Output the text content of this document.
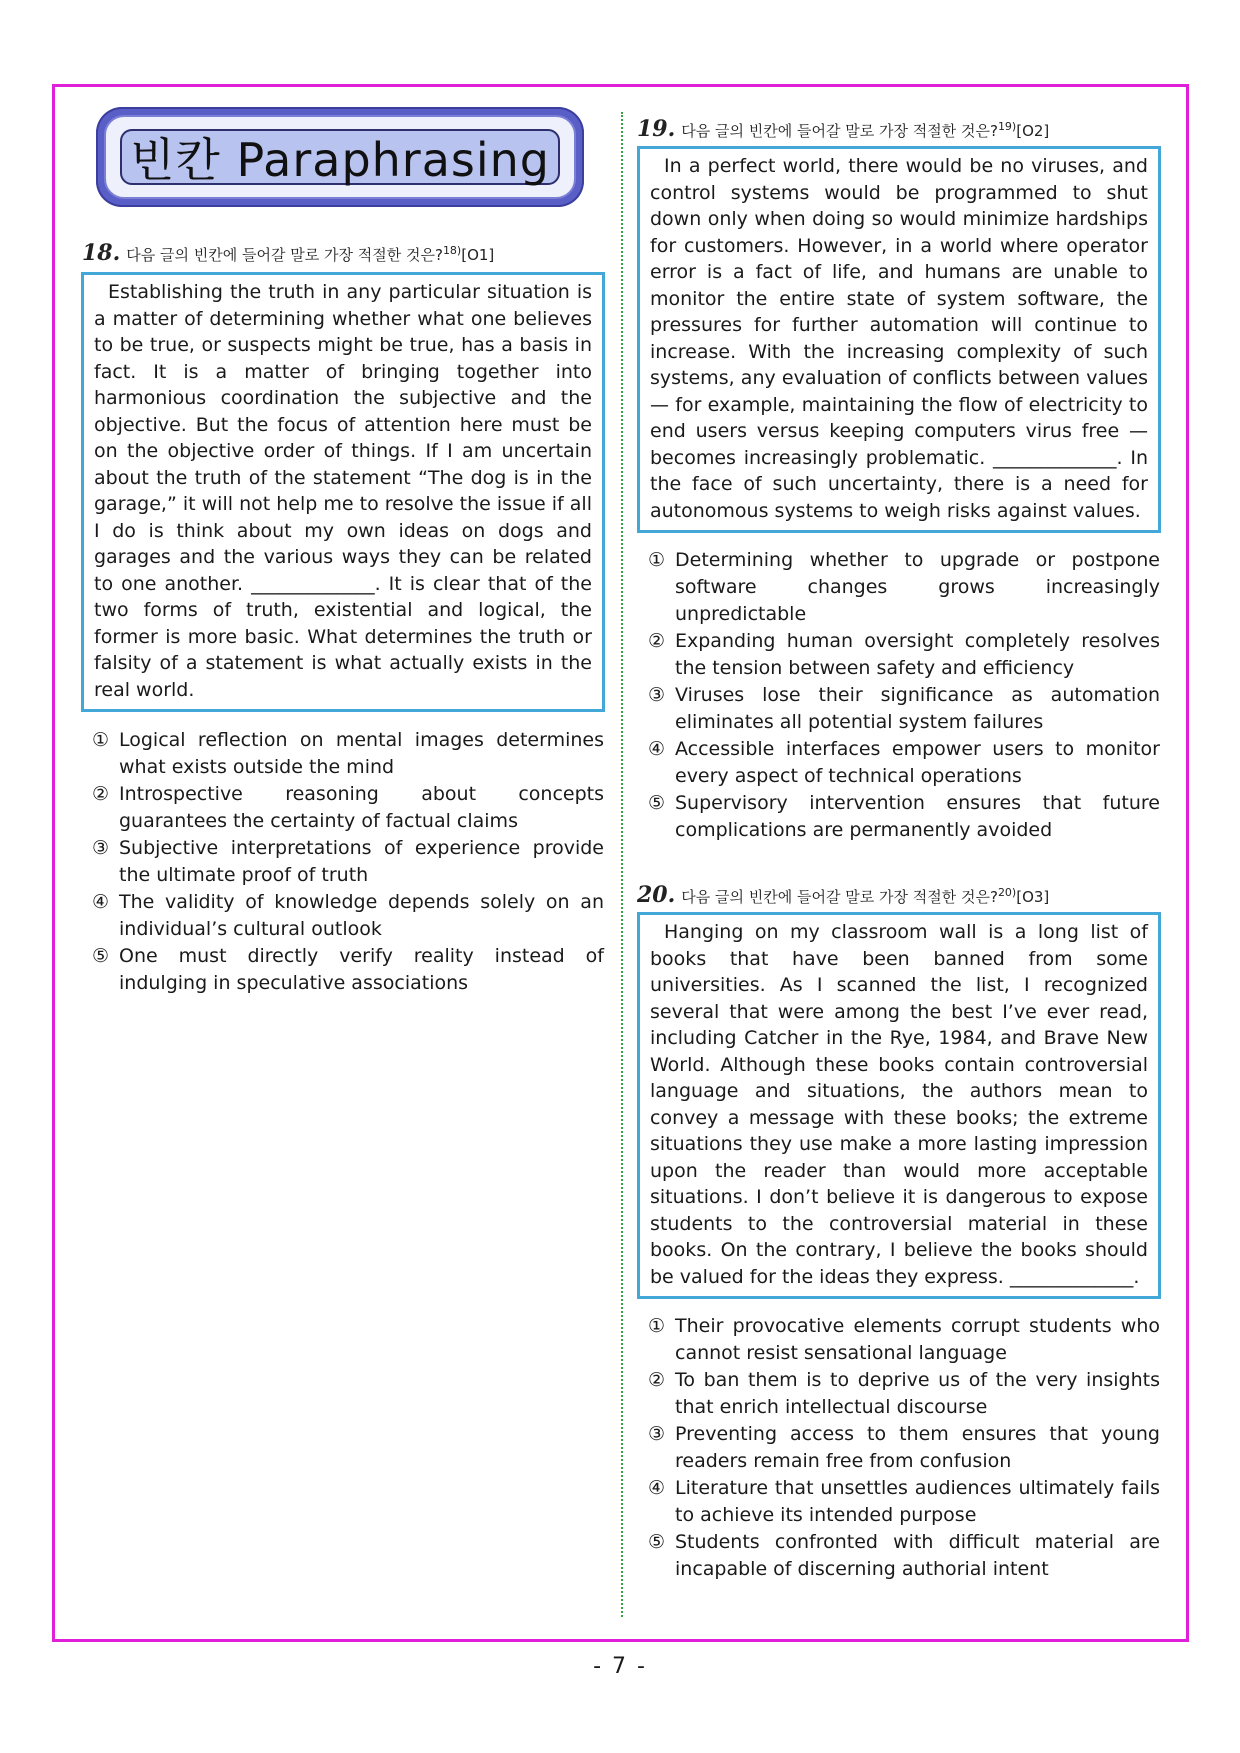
빈칸 Paraphrasing
18. 다음 글의 빈칸에 들어갈 말로 가장 적절한 것은?$^{18)}$[O1]
Establishing the truth in any particular situation is a matter of determining whether what one believes to be true, or suspects might be true, has a basis in fact. It is a matter of bringing together into harmonious coordination the subjective and the objective. But the focus of attention here must be on the objective order of things. If I am uncertain about the truth of the statement “The dog is in the garage,” it will not help me to resolve the issue if all I do is think about my own ideas on dogs and garages and the various ways they can be related to one another. _____________. It is clear that of the two forms of truth, existential and logical, the former is more basic. What determines the truth or falsity of a statement is what actually exists in the real world.
① Logical reflection on mental images determines what exists outside the mind
② Introspective reasoning about concepts guarantees the certainty of factual claims
③ Subjective interpretations of experience provide the ultimate proof of truth
④ The validity of knowledge depends solely on an individual’s cultural outlook
⑤ One must directly verify reality instead of indulging in speculative associations
19. 다음 글의 빈칸에 들어갈 말로 가장 적절한 것은?$^{19)}$[O2]
In a perfect world, there would be no viruses, and control systems would be programmed to shut down only when doing so would minimize hardships for customers. However, in a world where operator error is a fact of life, and humans are unable to monitor the entire state of system software, the pressures for further automation will continue to increase. With the increasing complexity of such systems, any evaluation of conflicts between values — for example, maintaining the flow of electricity to end users versus keeping computers virus free — becomes increasingly problematic. _____________. In the face of such uncertainty, there is a need for autonomous systems to weigh risks against values.
① Determining whether to upgrade or postpone software changes grows increasingly unpredictable
② Expanding human oversight completely resolves the tension between safety and efficiency
③ Viruses lose their significance as automation eliminates all potential system failures
④ Accessible interfaces empower users to monitor every aspect of technical operations
⑤ Supervisory intervention ensures that future complications are permanently avoided
20. 다음 글의 빈칸에 들어갈 말로 가장 적절한 것은?$^{20)}$[O3]
Hanging on my classroom wall is a long list of books that have been banned from some universities. As I scanned the list, I recognized several that were among the best I’ve ever read, including Catcher in the Rye, 1984, and Brave New World. Although these books contain controversial language and situations, the authors mean to convey a message with these books; the extreme situations they use make a more lasting impression upon the reader than would more acceptable situations. I don’t believe it is dangerous to expose students to the controversial material in these books. On the contrary, I believe the books should be valued for the ideas they express. _____________.
① Their provocative elements corrupt students who cannot resist sensational language
② To ban them is to deprive us of the very insights that enrich intellectual discourse
③ Preventing access to them ensures that young readers remain free from confusion
④ Literature that unsettles audiences ultimately fails to achieve its intended purpose
⑤ Students confronted with difficult material are incapable of discerning authorial intent
- 7 -
